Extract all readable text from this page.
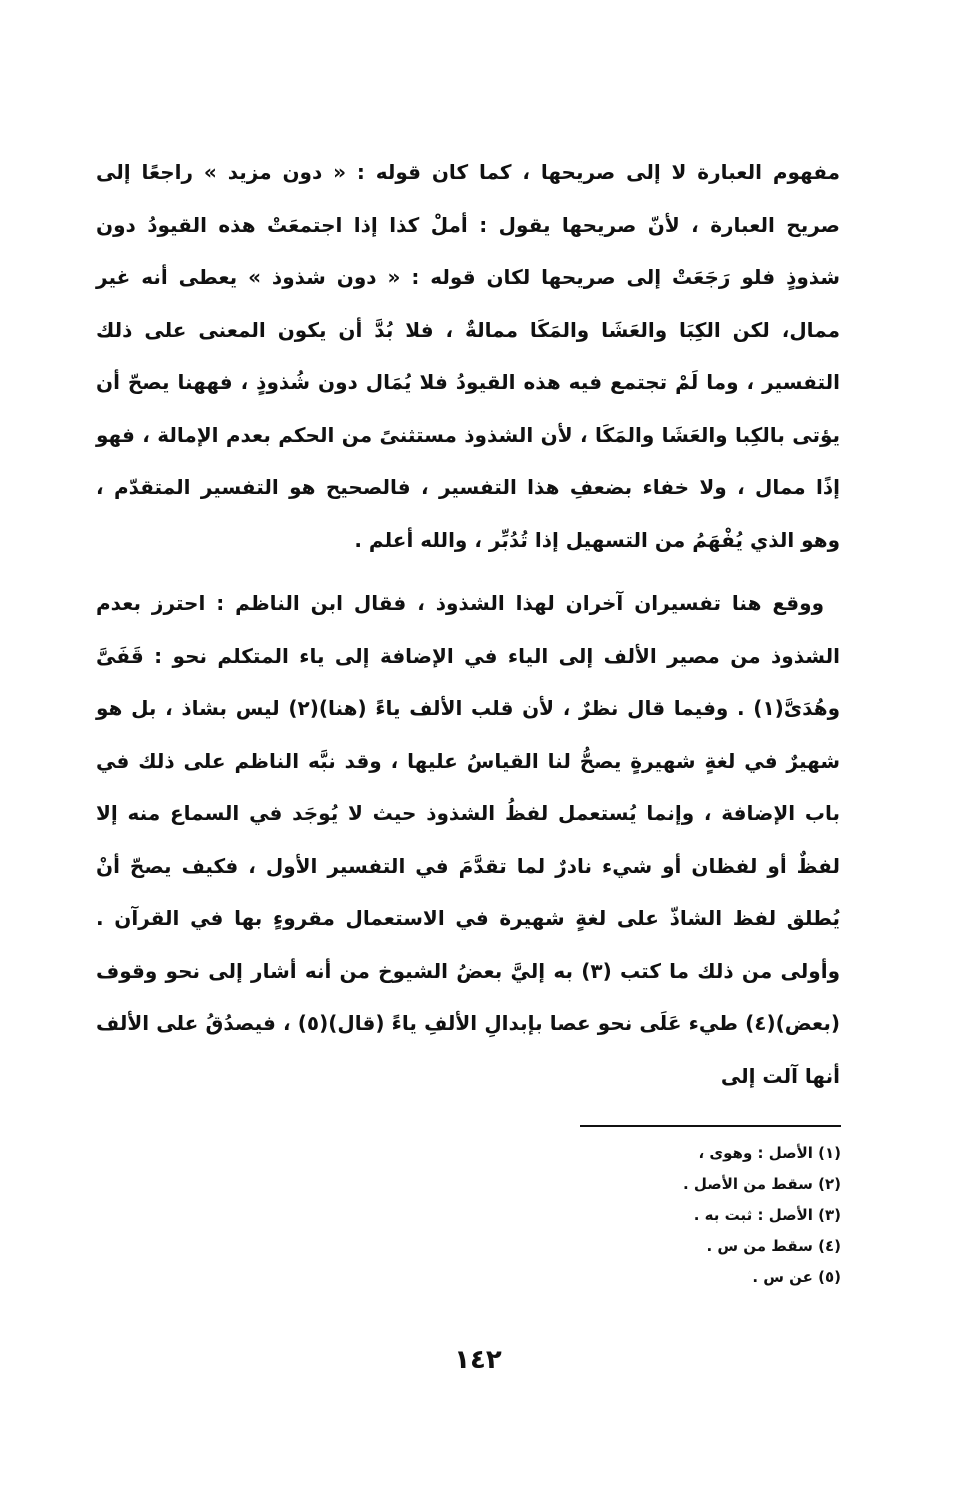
مفهوم العبارة لا إلى صريحها ، كما كان قوله : « دون مزيد » راجعًا إلى صريح العبارة ، لأنّ صريحها يقول : أملْ كذا إذا اجتمعَتْ هذه القيودُ دون شذوذٍ فلو رَجَعَتْ إلى صريحها لكان قوله : « دون شذوذ » يعطى أنه غير ممال، لكن الكِبَا والعَشَا والمَكَا ممالةٌ ، فلا بُدَّ أن يكون المعنى على ذلك التفسير ، وما لَمْ تجتمع فيه هذه القيودُ فلا يُمَال دون شُذوذٍ ، فههنا يصحّ أن يؤتى بالكِبا والعَشَا والمَكَا ، لأن الشذوذ مستثنىً من الحكم بعدم الإمالة ، فهو إذًا ممال ، ولا خفاء بضعفِ هذا التفسير ، فالصحيح هو التفسير المتقدّم ، وهو الذي يُفْهَمُ من التسهيل إذا تُدُبِّر ، والله أعلم .

ووقع هنا تفسيران آخران لهذا الشذوذ ، فقال ابن الناظم : احترز بعدم الشذوذ من مصير الألف إلى الياء في الإضافة إلى ياء المتكلم نحو : قَفَىَّ وهُدَىَّ(١) . وفيما قال نظرٌ ، لأن قلب الألف ياءً (هنا)(٢) ليس بشاذ ، بل هو شهيرٌ في لغةٍ شهيرةٍ يصحُّ لنا القياسُ عليها ، وقد نبَّه الناظم على ذلك في باب الإضافة ، وإنما يُستعمل لفظُ الشذوذ حيث لا يُوجَد في السماع منه إلا لفظٌ أو لفظان أو شيء نادرٌ لما تقدَّمَ في التفسير الأول ، فكيف يصحّ أنْ يُطلق لفظ الشاذّ على لغةٍ شهيرة في الاستعمال مقروءٍ بها في القرآن . وأولى من ذلك ما كتب (٣) به إليَّ بعضُ الشيوخ من أنه أشار إلى نحو وقوف (بعض)(٤) طيء عَلَى نحو عصا بإبدالِ الألفِ ياءً (قال)(٥) ، فيصدُقُ على الألف أنها آلت إلى

(١) الأصل : وهوى ،
(٢) سقط من الأصل .
(٣) الأصل : ثبت به .
(٤) سقط من س .
(٥) عن س .
١٤٢
